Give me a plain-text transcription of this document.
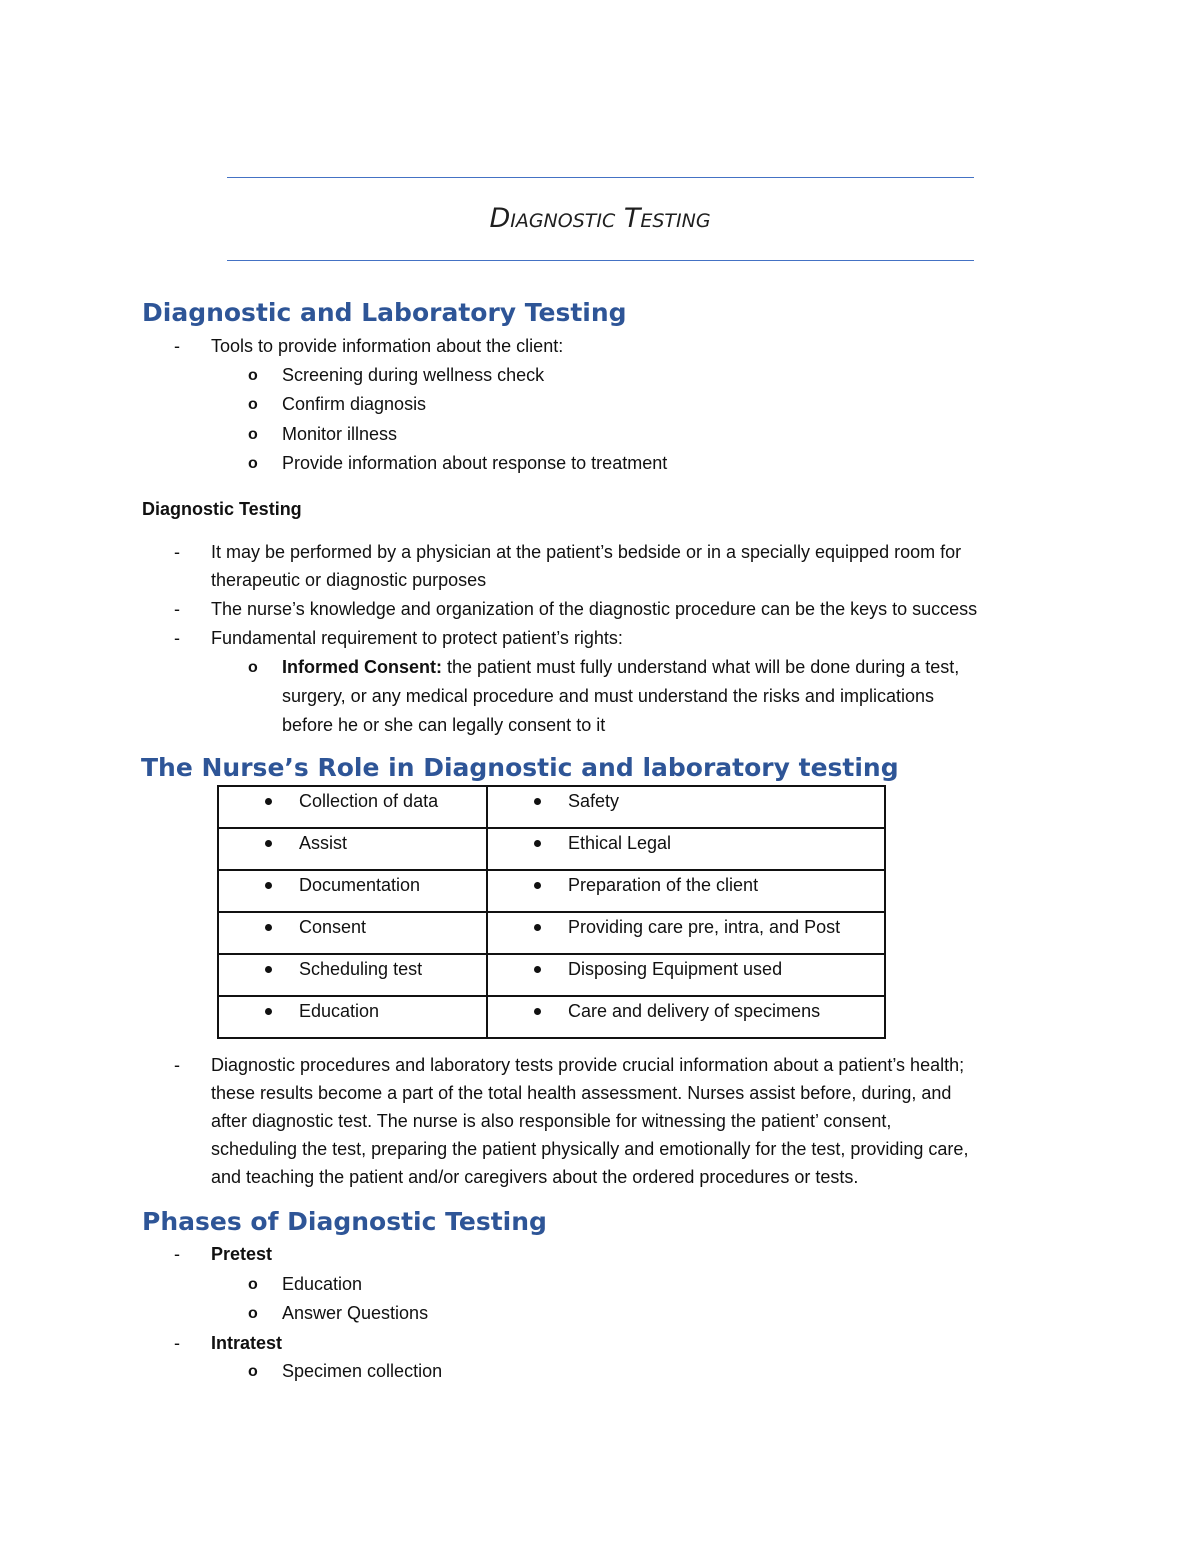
Diagnostic Testing
Diagnostic and Laboratory Testing
- Tools to provide information about the client:
o Screening during wellness check
o Confirm diagnosis
o Monitor illness
o Provide information about response to treatment
Diagnostic Testing
- It may be performed by a physician at the patient’s bedside or in a specially equipped room for
therapeutic or diagnostic purposes
- The nurse’s knowledge and organization of the diagnostic procedure can be the keys to success
- Fundamental requirement to protect patient’s rights:
o Informed Consent: the patient must fully understand what will be done during a test,
surgery, or any medical procedure and must understand the risks and implications
before he or she can legally consent to it
The Nurse’s Role in Diagnostic and laboratory testing
Collection of data	Safety

Assist	Ethical Legal

Documentation	Preparation of the client

Consent	Providing care pre, intra, and Post

Scheduling test	Disposing Equipment used

Education	Care and delivery of specimens
- Diagnostic procedures and laboratory tests provide crucial information about a patient’s health;
these results become a part of the total health assessment. Nurses assist before, during, and
after diagnostic test. The nurse is also responsible for witnessing the patient’ consent,
scheduling the test, preparing the patient physically and emotionally for the test, providing care,
and teaching the patient and/or caregivers about the ordered procedures or tests.
Phases of Diagnostic Testing
- Pretest
o Education
o Answer Questions
- Intratest
o Specimen collection
